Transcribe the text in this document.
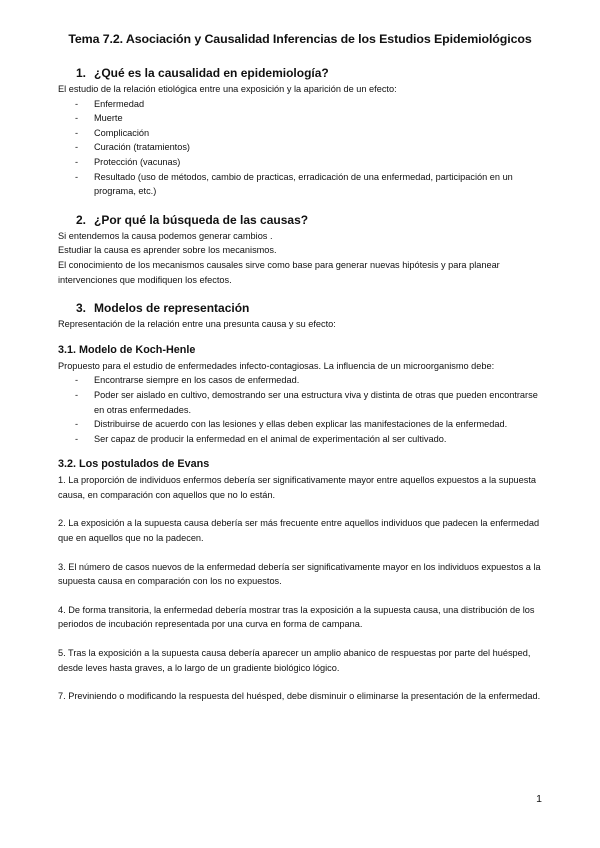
Tema 7.2. Asociación y Causalidad Inferencias de los Estudios Epidemiológicos
1. ¿Qué es la causalidad en epidemiología?

El estudio de la relación etiológica entre una exposición y la aparición de un efecto:

- Enfermedad
- Muerte
- Complicación
- Curación (tratamientos)
- Protección (vacunas)
- Resultado (uso de métodos, cambio de practicas, erradicación de una enfermedad, participación en un programa, etc.)
2. ¿Por qué la búsqueda de las causas?

Si entendemos la causa podemos generar cambios .

Estudiar la causa es aprender sobre los mecanismos.

El conocimiento de los mecanismos causales sirve como base para generar nuevas hipótesis y para planear intervenciones que modifiquen los efectos.

3. Modelos de representación

Representación de la relación entre una presunta causa y su efecto:

3.1. Modelo de Koch-Henle

Propuesto para el estudio de enfermedades infecto-contagiosas. La influencia de un microorganismo debe:

- Encontrarse siempre en los casos de enfermedad.
- Poder ser aislado en cultivo, demostrando ser una estructura viva y distinta de otras que pueden encontrarse en otras enfermedades.
- Distribuirse de acuerdo con las lesiones y ellas deben explicar las manifestaciones de la enfermedad.
- Ser capaz de producir la enfermedad en el animal de experimentación al ser cultivado.
3.2. Los postulados de Evans

1. La proporción de individuos enfermos debería ser significativamente mayor entre aquellos expuestos a la supuesta causa, en comparación con aquellos que no lo están.

2. La exposición a la supuesta causa debería ser más frecuente entre aquellos individuos que padecen la enfermedad que en aquellos que no la padecen.

3. El número de casos nuevos de la enfermedad debería ser significativamente mayor en los individuos expuestos a la supuesta causa en comparación con los no expuestos.

4. De forma transitoria, la enfermedad debería mostrar tras la exposición a la supuesta causa, una distribución de los periodos de incubación representada por una curva en forma de campana.

5. Tras la exposición a la supuesta causa debería aparecer un amplio abanico de respuestas por parte del huésped, desde leves hasta graves, a lo largo de un gradiente biológico lógico.

7. Previniendo o modificando la respuesta del huésped, debe disminuir o eliminarse la presentación de la enfermedad.

1
